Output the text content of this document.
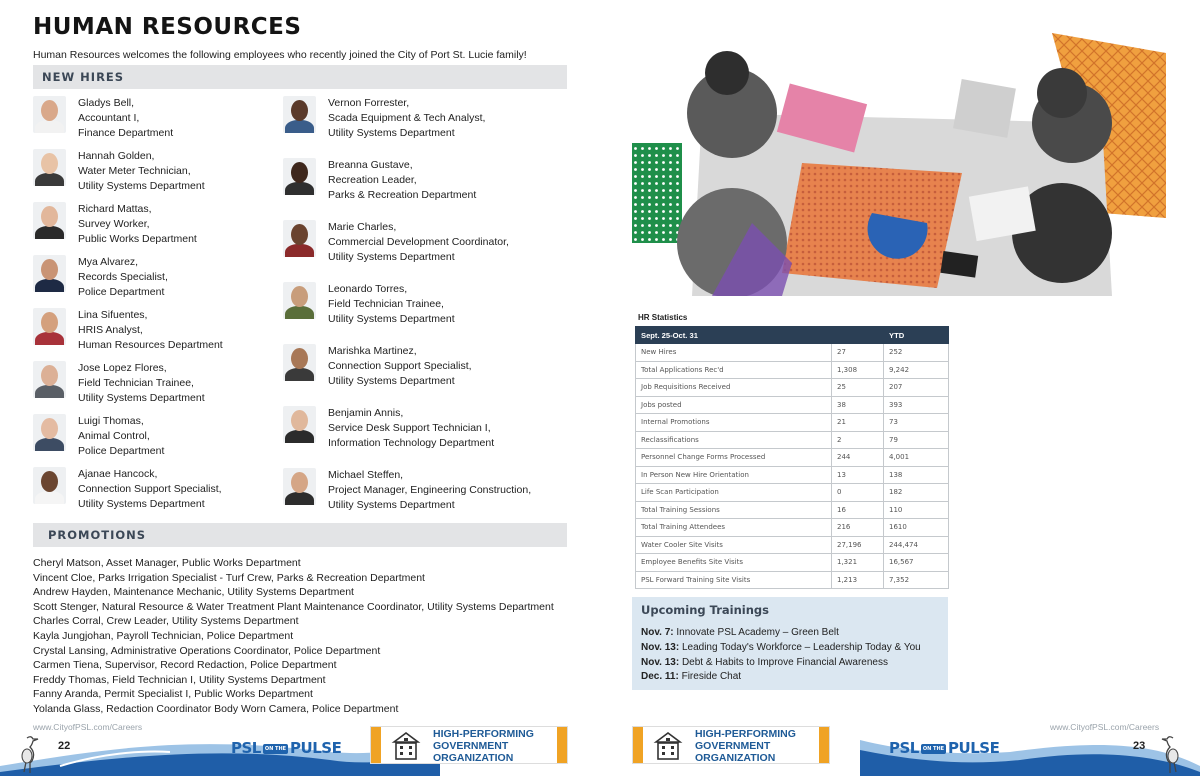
HUMAN RESOURCES
Human Resources welcomes the following employees who recently joined the City of Port St. Lucie family!
NEW HIRES
Gladys Bell,
Accountant I,
Finance Department
Hannah Golden,
Water Meter Technician,
Utility Systems Department
Richard Mattas,
Survey Worker,
Public Works Department
Mya Alvarez,
Records Specialist,
Police Department
Lina Sifuentes,
HRIS Analyst,
Human Resources Department
Jose Lopez Flores,
Field Technician Trainee,
Utility Systems Department
Luigi Thomas,
Animal Control,
Police Department
Ajanae Hancock,
Connection Support Specialist,
Utility Systems Department
Vernon Forrester,
Scada Equipment & Tech Analyst,
Utility Systems Department
Breanna Gustave,
Recreation Leader,
Parks & Recreation Department
Marie Charles,
Commercial Development Coordinator,
Utility Systems Department
Leonardo Torres,
Field Technician Trainee,
Utility Systems Department
Marishka Martinez,
Connection Support Specialist,
Utility Systems Department
Benjamin Annis,
Service Desk Support Technician I,
Information Technology Department
Michael Steffen,
Project Manager, Engineering Construction,
Utility Systems Department
PROMOTIONS
Cheryl Matson, Asset Manager, Public Works Department
Vincent Cloe, Parks Irrigation Specialist - Turf Crew, Parks & Recreation Department
Andrew Hayden, Maintenance Mechanic, Utility Systems Department
Scott Stenger, Natural Resource & Water Treatment Plant Maintenance Coordinator, Utility Systems Department
Charles Corral, Crew Leader, Utility Systems Department
Kayla Jungjohan, Payroll Technician, Police Department
Crystal Lansing, Administrative Operations Coordinator, Police Department
Carmen Tiena, Supervisor, Record Redaction, Police Department
Freddy Thomas, Field Technician I, Utility Systems Department
Fanny Aranda, Permit Specialist I, Public Works Department
Yolanda Glass, Redaction Coordinator Body Worn Camera, Police Department
HR Statistics
Sept. 25-Oct. 31		YTD
New Hires	27	252
Total Applications Rec'd	1,308	9,242
Job Requisitions Received	25	207
Jobs posted	38	393
Internal Promotions	21	73
Reclassifications	2	79
Personnel Change Forms Processed	244	4,001
In Person New Hire Orientation	13	138
Life Scan Participation	0	182
Total Training Sessions	16	110
Total Training Attendees	216	1610
Water Cooler Site Visits	27,196	244,474
Employee Benefits Site Visits	1,321	16,567
PSL Forward Training Site Visits	1,213	7,352
Upcoming Trainings
Nov. 7: Innovate PSL Academy – Green Belt
Nov. 13: Leading Today's Workforce – Leadership Today & You
Nov. 13: Debt & Habits to Improve Financial Awareness
Dec. 11: Fireside Chat
www.CityofPSL.com/Careers	www.CityofPSL.com/Careers
22	23
PSL ON THE PULSE	PSL ON THE PULSE
HIGH-PERFORMING
GOVERNMENT
ORGANIZATION
HIGH-PERFORMING
GOVERNMENT
ORGANIZATION
